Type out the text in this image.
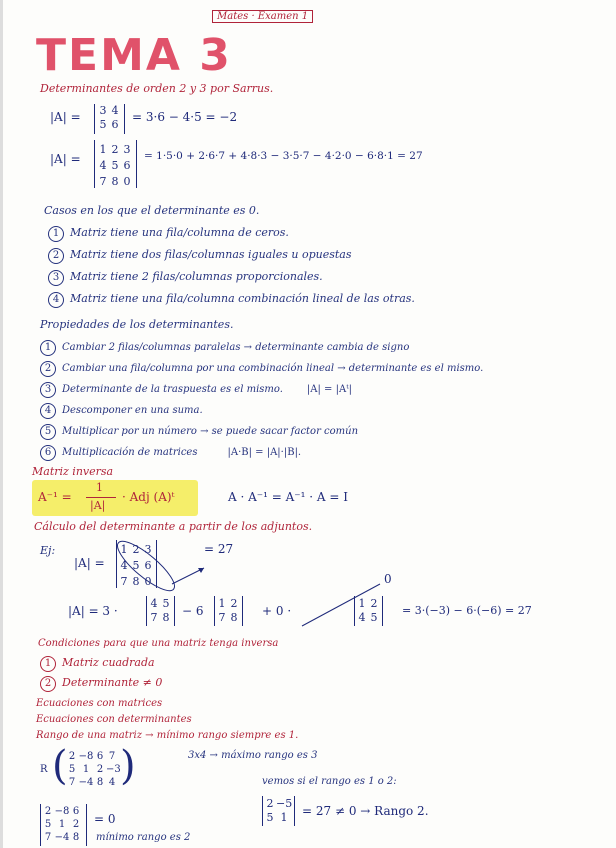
Mates · Examen 1
TEMA 3
Determinantes de orden 2 y 3 por Sarrus.
|A| = 3 4
5 6
= 3·6 − 4·5 = −2
|A| =
1 2 3
4 5 6
7 8 0
= 1·5·0 + 2·6·7 + 4·8·3 − 3·5·7 − 4·2·0 − 6·8·1 = 27
Casos en los que el determinante es 0.
1 Matriz tiene una fila/columna de ceros.
2 Matriz tiene dos filas/columnas iguales u opuestas
3 Matriz tiene 2 filas/columnas proporcionales.
4 Matriz tiene una fila/columna combinación lineal de las otras.
Propiedades de los determinantes.
1 Cambiar 2 filas/columnas paralelas → determinante cambia de signo
2 Cambiar una fila/columna por una combinación lineal → determinante es el mismo.
3 Determinante de la traspuesta es el mismo. |A| = |Aᵗ|
4 Descomponer en una suma.
5 Multiplicar por un número → se puede sacar factor común
6 Multiplicación de matrices	|A·B| = |A|·|B|.
Matriz inversa
A⁻¹ =
1
|A|
· Adj (A)ᵗ	A · A⁻¹ = A⁻¹ · A = I
Cálculo del determinante a partir de los adjuntos.
Ej:
|A| =
1 2 3
4 5 6
7 8 0
= 27
|A| = 3 ·
4 5
7 8 − 6
1 2
7 8 + 0 ·
1 2
4 5
0
= 3·(−3) − 6·(−6) = 27
Condiciones para que una matriz tenga inversa
1 Matriz cuadrada
2 Determinante ≠ 0
Ecuaciones con matrices
Ecuaciones con determinantes
Rango de una matriz → mínimo rango siempre es 1.
R ( 2 −8 6 7
5 1 2 −3
7 −4 8 4 )	3x4 → máximo rango es 3
vemos si el rango es 1 o 2:
2 −5
5 1	= 27 ≠ 0 → Rango 2.
2 −8 6
5 1 2
7 −4 8
= 0
mínimo rango es 2
